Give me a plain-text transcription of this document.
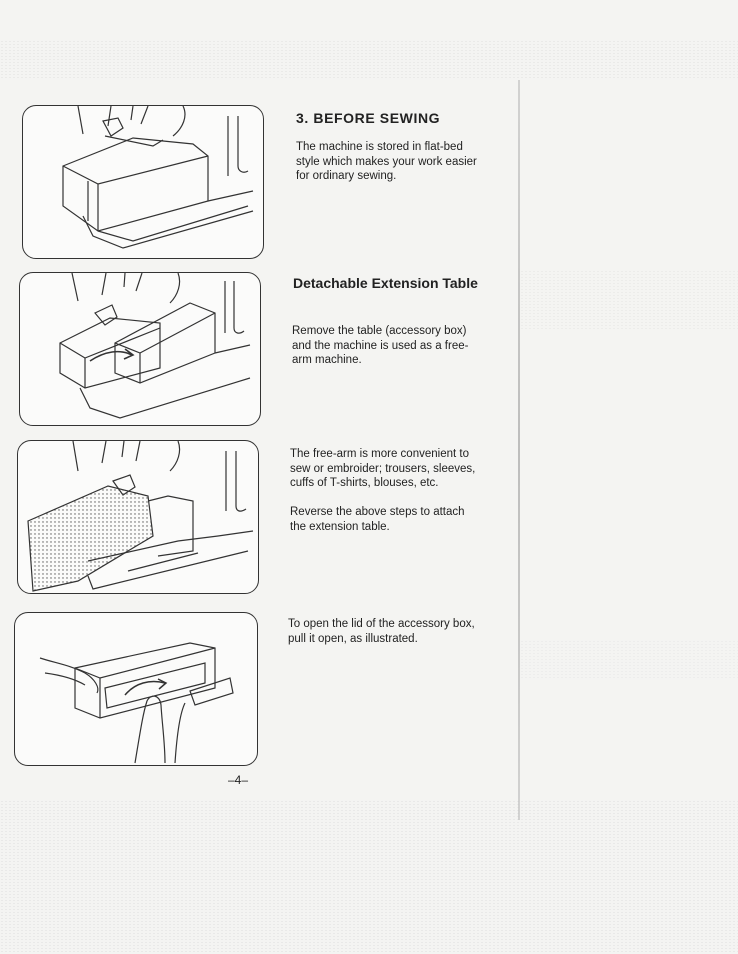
3. BEFORE SEWING

The machine is stored in flat-bed style which makes your work easier for ordinary sewing.

Detachable Extension Table

Remove the table (accessory box) and the machine is used as a free-arm machine.

The free-arm is more convenient to sew or embroider; trousers, sleeves, cuffs of T-shirts, blouses, etc.

Reverse the above steps to attach the extension table.

To open the lid of the accessory box, pull it open, as illustrated.

–4–
